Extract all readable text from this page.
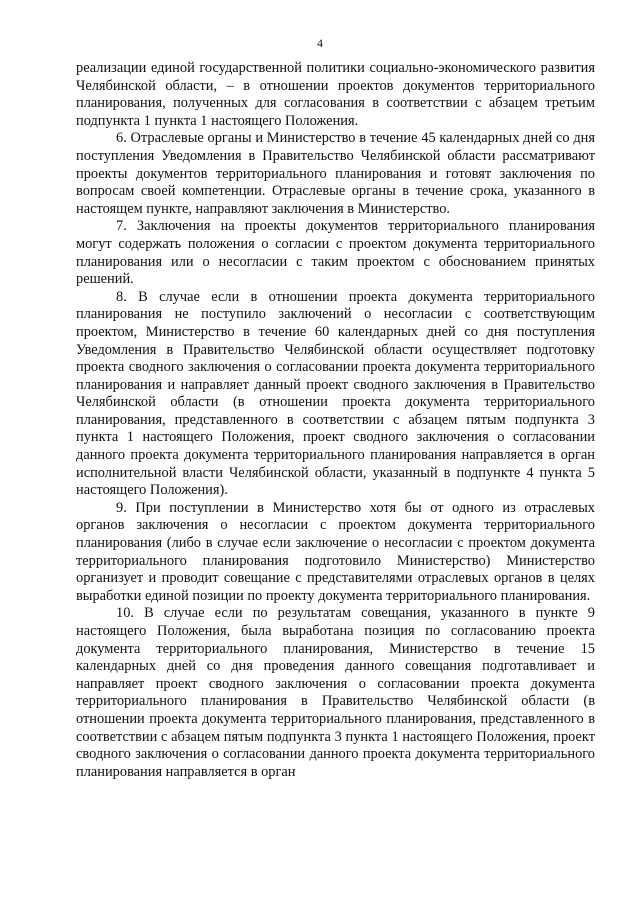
4

реализации единой государственной политики социально-экономического развития Челябинской области, – в отношении проектов документов территориального планирования, полученных для согласования в соответствии с абзацем третьим подпункта 1 пункта 1 настоящего Положения.

6. Отраслевые органы и Министерство в течение 45 календарных дней со дня поступления Уведомления в Правительство Челябинской области рассматривают проекты документов территориального планирования и готовят заключения по вопросам своей компетенции. Отраслевые органы в течение срока, указанного в настоящем пункте, направляют заключения в Министерство.

7. Заключения на проекты документов территориального планирования могут содержать положения о согласии с проектом документа территориального планирования или о несогласии с таким проектом с обоснованием принятых решений.

8. В случае если в отношении проекта документа территориального планирования не поступило заключений о несогласии с соответствующим проектом, Министерство в течение 60 календарных дней со дня поступления Уведомления в Правительство Челябинской области осуществляет подготовку проекта сводного заключения о согласовании проекта документа территориального планирования и направляет данный проект сводного заключения в Правительство Челябинской области (в отношении проекта документа территориального планирования, представленного в соответствии с абзацем пятым подпункта 3 пункта 1 настоящего Положения, проект сводного заключения о согласовании данного проекта документа территориального планирования направляется в орган исполнительной власти Челябинской области, указанный в подпункте 4 пункта 5 настоящего Положения).

9. При поступлении в Министерство хотя бы от одного из отраслевых органов заключения о несогласии с проектом документа территориального планирования (либо в случае если заключение о несогласии с проектом документа территориального планирования подготовило Министерство) Министерство организует и проводит совещание с представителями отраслевых органов в целях выработки единой позиции по проекту документа территориального планирования.

10. В случае если по результатам совещания, указанного в пункте 9 настоящего Положения, была выработана позиция по согласованию проекта документа территориального планирования, Министерство в течение 15 календарных дней со дня проведения данного совещания подготавливает и направляет проект сводного заключения о согласовании проекта документа территориального планирования в Правительство Челябинской области (в отношении проекта документа территориального планирования, представленного в соответствии с абзацем пятым подпункта 3 пункта 1 настоящего Положения, проект сводного заключения о согласовании данного проекта документа территориального планирования направляется в орган
